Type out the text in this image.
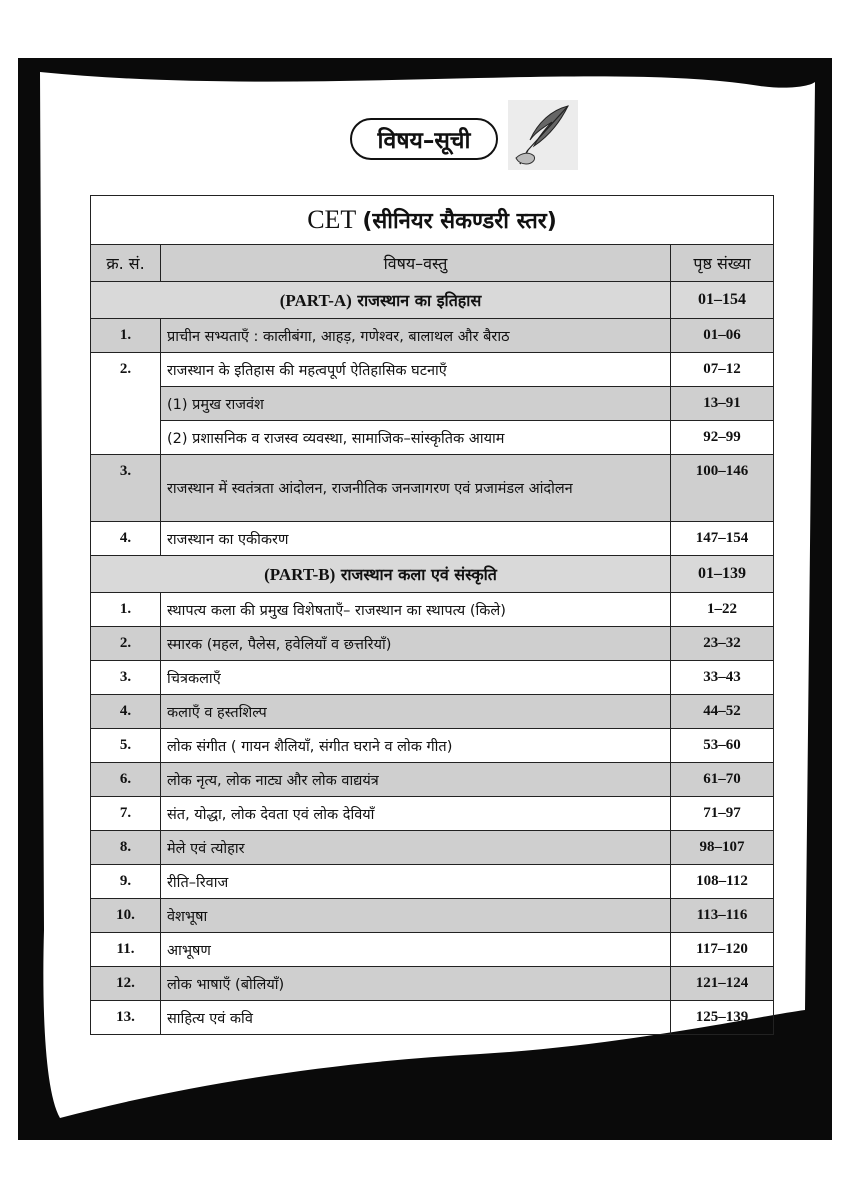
विषय–सूची
CET (सीनियर सैकण्डरी स्तर)		
क्र. सं.	विषय–वस्तु	पृष्ठ संख्या
(PART-A) राजस्थान का इतिहास		01–154
1.	प्राचीन सभ्यताएँ : कालीबंगा, आहड़, गणेश्वर, बालाथल और बैराठ	01–06
2.	राजस्थान के इतिहास की महत्वपूर्ण ऐतिहासिक घटनाएँ	07–12
	(1) प्रमुख राजवंश	13–91
	(2) प्रशासनिक व राजस्व व्यवस्था, सामाजिक–सांस्कृतिक आयाम	92–99
3.	राजस्थान में स्वतंत्रता आंदोलन, राजनीतिक जनजागरण एवं प्रजामंडल आंदोलन	100–146
4.	राजस्थान का एकीकरण	147–154
(PART-B) राजस्थान कला एवं संस्कृति		01–139
1.	स्थापत्य कला की प्रमुख विशेषताएँ– राजस्थान का स्थापत्य (किले)	1–22
2.	स्मारक (महल, पैलेस, हवेलियाँ व छत्तरियाँ)	23–32
3.	चित्रकलाएँ	33–43
4.	कलाएँ व हस्तशिल्प	44–52
5.	लोक संगीत ( गायन शैलियाँ, संगीत घराने व लोक गीत)	53–60
6.	लोक नृत्य, लोक नाट्य और लोक वाद्ययंत्र	61–70
7.	संत, योद्धा, लोक देवता एवं लोक देवियाँ	71–97
8.	मेले एवं त्योहार	98–107
9.	रीति–रिवाज	108–112
10.	वेशभूषा	113–116
11.	आभूषण	117–120
12.	लोक भाषाएँ (बोलियाँ)	121–124
13.	साहित्य एवं कवि	125–139
